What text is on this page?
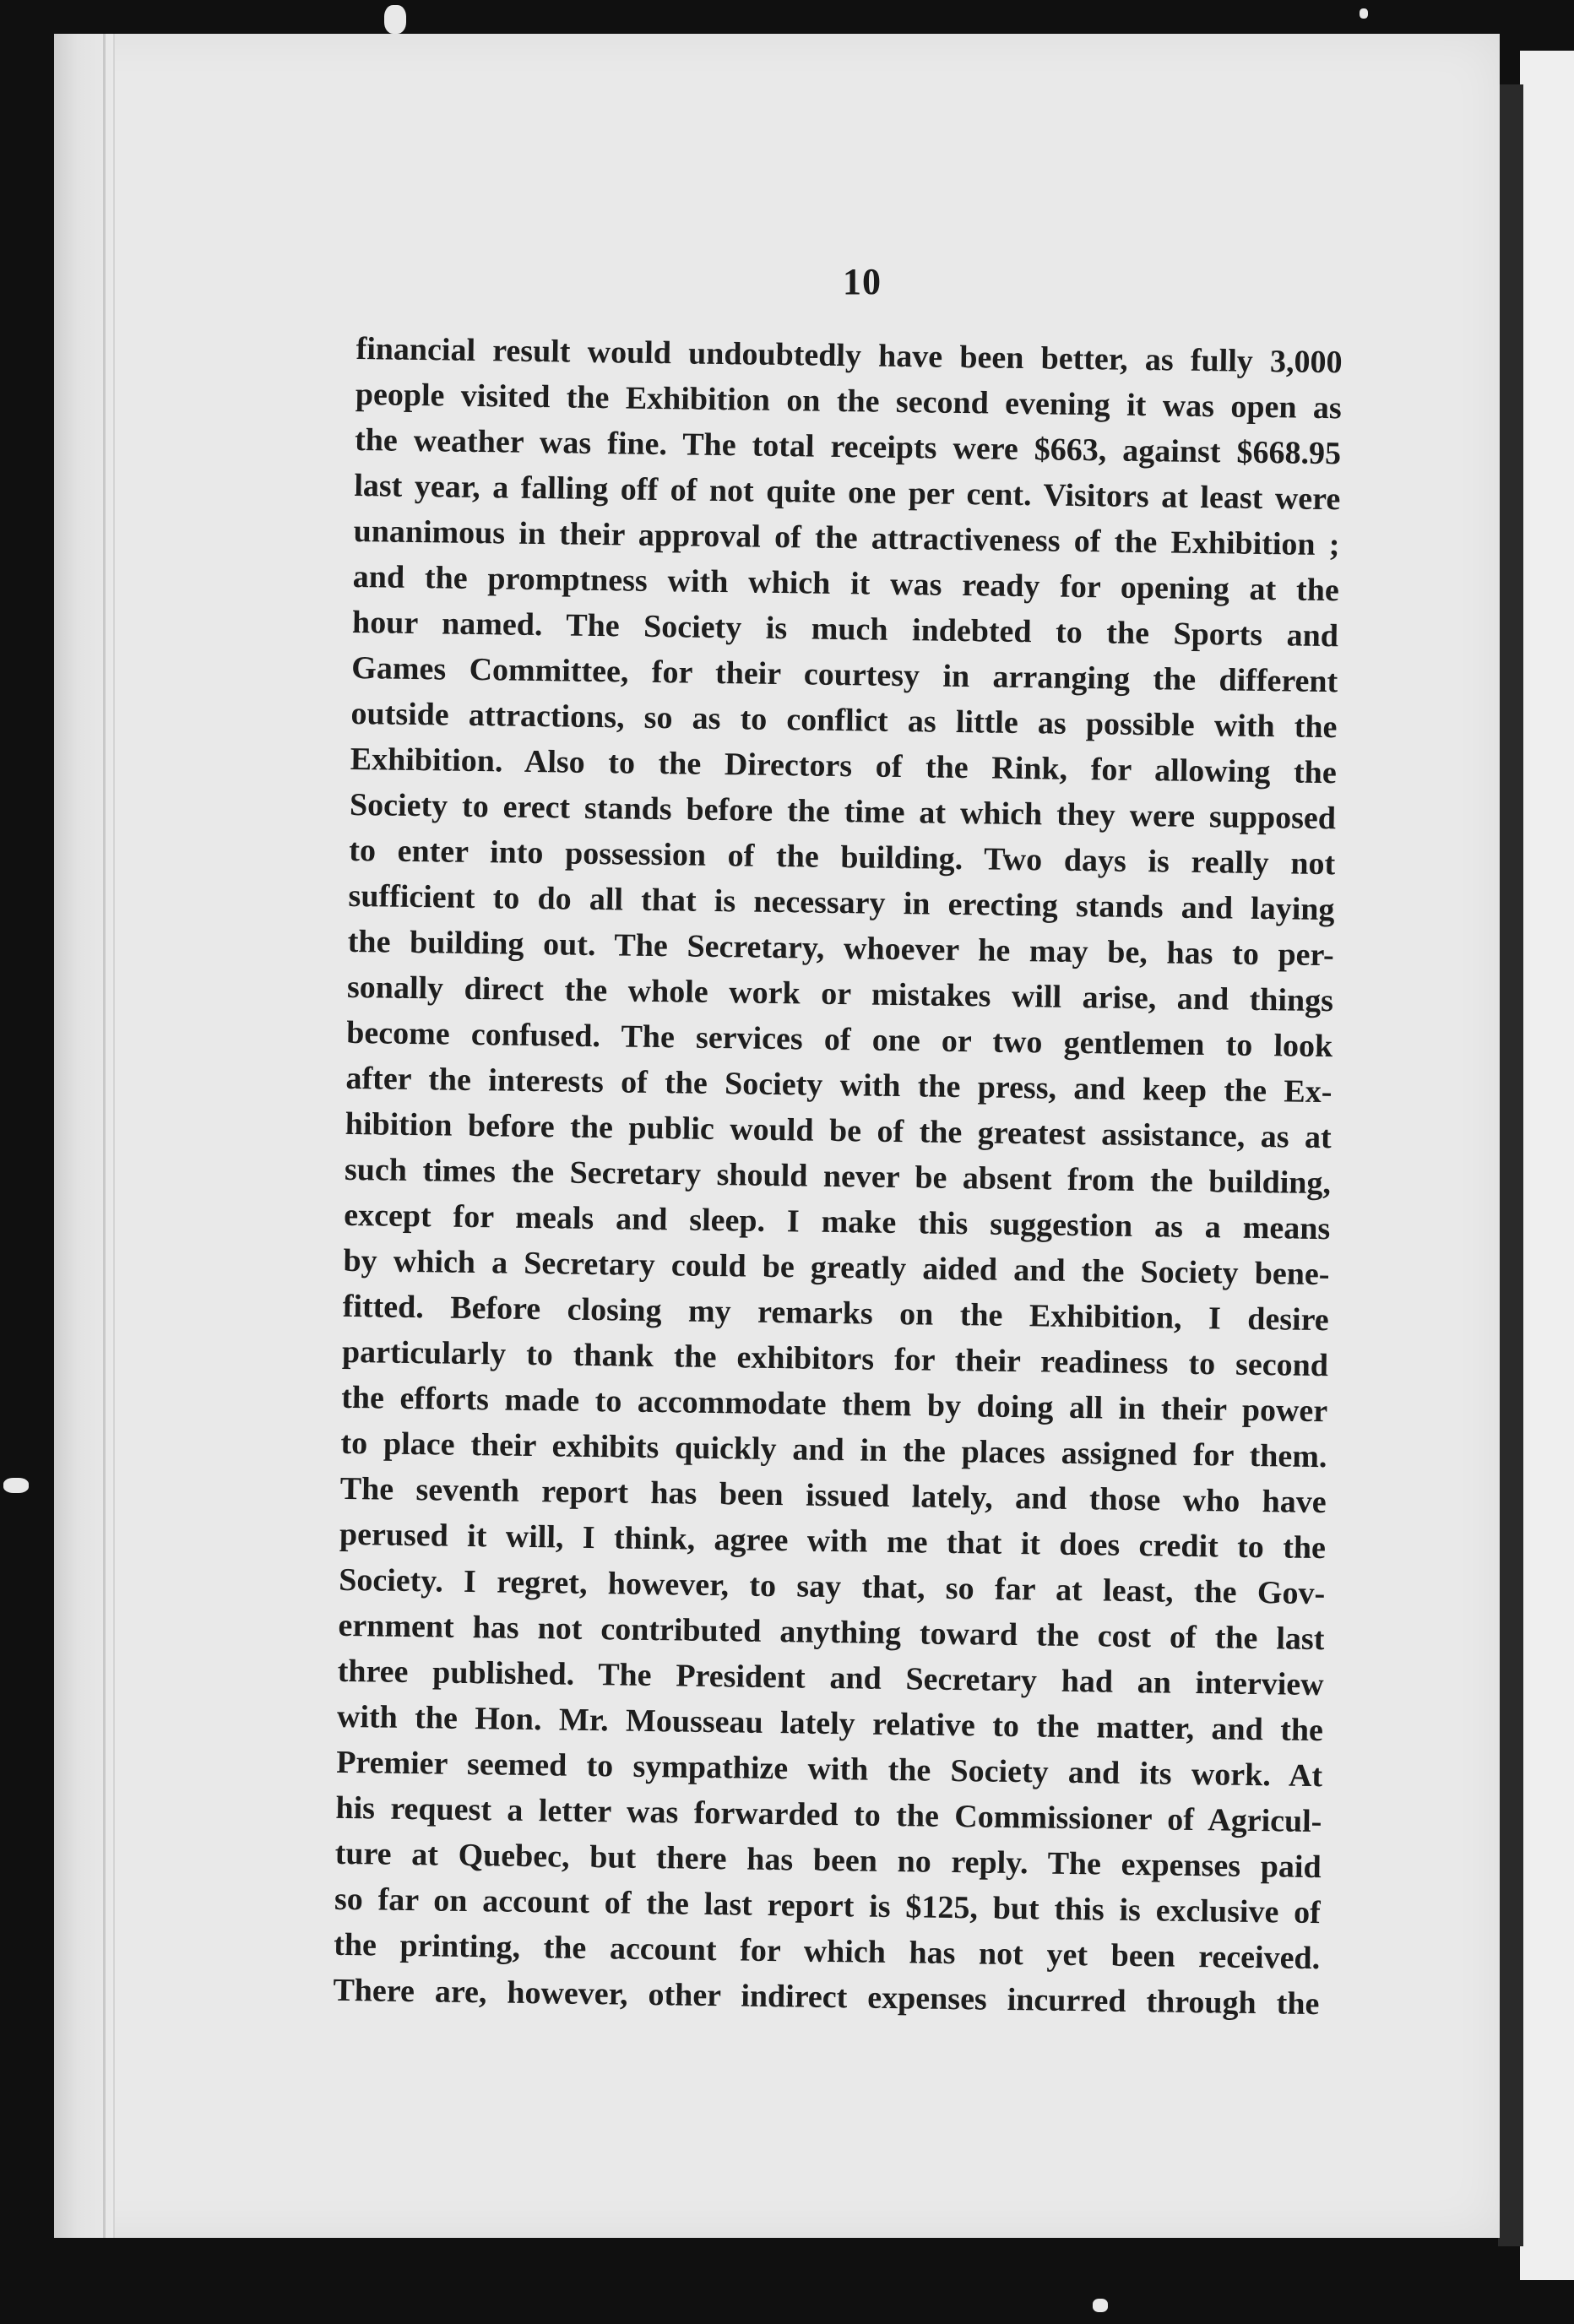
10
financial result would undoubtedly have been better, as fully 3,000
people visited the Exhibition on the second evening it was open as
the weather was fine. The total receipts were $663, against $668.95
last year, a falling off of not quite one per cent. Visitors at least were
unanimous in their approval of the attractiveness of the Exhibition ;
and the promptness with which it was ready for opening at the
hour named. The Society is much indebted to the Sports and
Games Committee, for their courtesy in arranging the different
outside attractions, so as to conflict as little as possible with the
Exhibition. Also to the Directors of the Rink, for allowing the
Society to erect stands before the time at which they were supposed
to enter into possession of the building. Two days is really not
sufficient to do all that is necessary in erecting stands and laying
the building out. The Secretary, whoever he may be, has to per-
sonally direct the whole work or mistakes will arise, and things
become confused. The services of one or two gentlemen to look
after the interests of the Society with the press, and keep the Ex-
hibition before the public would be of the greatest assistance, as at
such times the Secretary should never be absent from the building,
except for meals and sleep. I make this suggestion as a means
by which a Secretary could be greatly aided and the Society bene-
fitted. Before closing my remarks on the Exhibition, I desire
particularly to thank the exhibitors for their readiness to second
the efforts made to accommodate them by doing all in their power
to place their exhibits quickly and in the places assigned for them.
The seventh report has been issued lately, and those who have
perused it will, I think, agree with me that it does credit to the
Society. I regret, however, to say that, so far at least, the Gov-
ernment has not contributed anything toward the cost of the last
three published. The President and Secretary had an interview
with the Hon. Mr. Mousseau lately relative to the matter, and the
Premier seemed to sympathize with the Society and its work. At
his request a letter was forwarded to the Commissioner of Agricul-
ture at Quebec, but there has been no reply. The expenses paid
so far on account of the last report is $125, but this is exclusive of
the printing, the account for which has not yet been received.
There are, however, other indirect expenses incurred through the
